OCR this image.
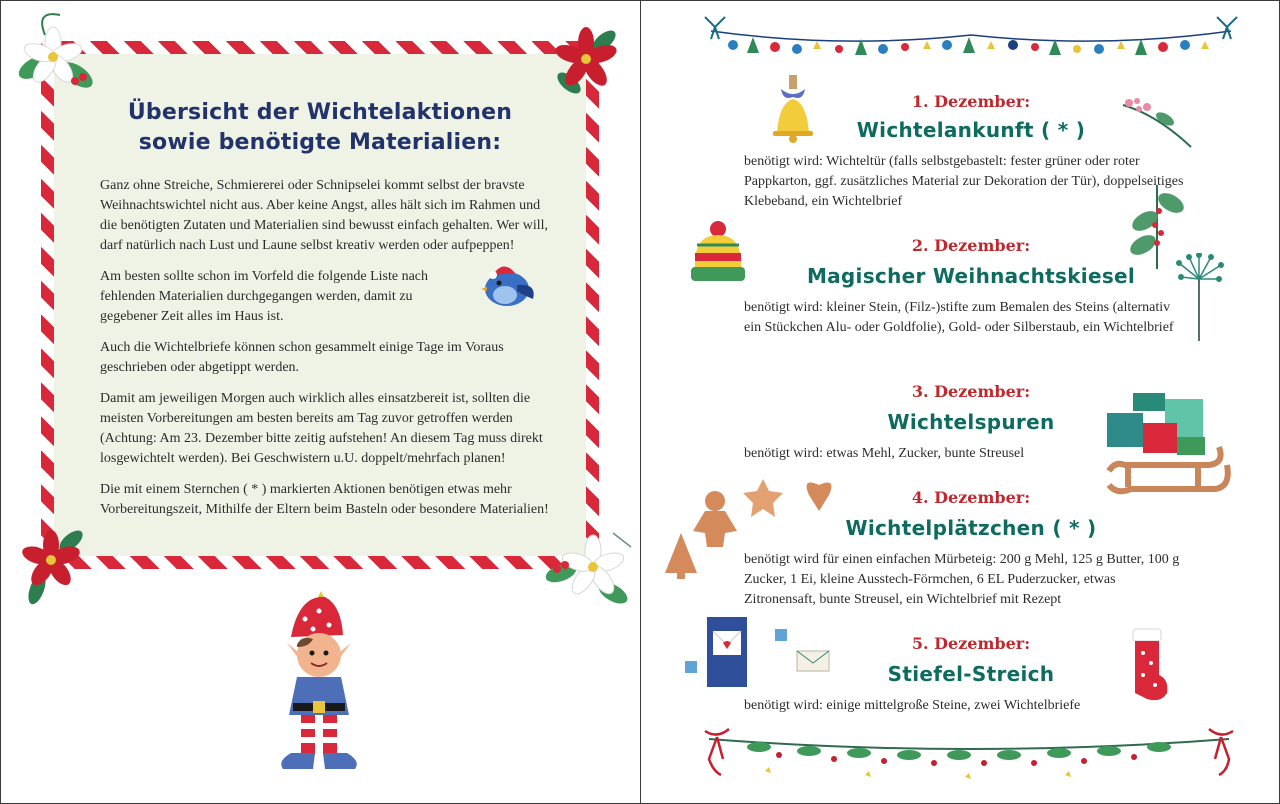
Übersicht der Wichtelaktionen
sowie benötigte Materialien:

Ganz ohne Streiche, Schmiererei oder Schnipselei kommt selbst der bravste Weihnachtswichtel nicht aus. Aber keine Angst, alles hält sich im Rahmen und die benötigten Zutaten und Materialien sind bewusst einfach gehalten. Wer will, darf natürlich nach Lust und Laune selbst kreativ werden oder aufpeppen!

Am besten sollte schon im Vorfeld die folgende Liste nach fehlenden Materialien durchgegangen werden, damit zu gegebener Zeit alles im Haus ist.

Auch die Wichtelbriefe können schon gesammelt einige Tage im Voraus geschrieben oder abgetippt werden.

Damit am jeweiligen Morgen auch wirklich alles einsatzbereit ist, sollten die meisten Vorbereitungen am besten bereits am Tag zuvor getroffen werden (Achtung: Am 23. Dezember bitte zeitig aufstehen! An diesem Tag muss direkt losgewichtelt werden). Bei Geschwistern u.U. doppelt/mehrfach planen!

Die mit einem Sternchen ( * ) markierten Aktionen benötigen etwas mehr Vorbereitungszeit, Mithilfe der Eltern beim Basteln oder besondere Materialien!

1. Dezember:
Wichtelankunft ( * )
benötigt wird: Wichteltür (falls selbstgebastelt: fester grüner oder roter Pappkarton, ggf. zusätzliches Material zur Dekoration der Tür), doppelseitiges Klebeband, ein Wichtelbrief
2. Dezember:
Magischer Weihnachtskiesel
benötigt wird: kleiner Stein, (Filz-)stifte zum Bemalen des Steins (alternativ ein Stückchen Alu- oder Goldfolie), Gold- oder Silberstaub, ein Wichtelbrief
3. Dezember:
Wichtelspuren
benötigt wird: etwas Mehl, Zucker, bunte Streusel
4. Dezember:
Wichtelplätzchen ( * )
benötigt wird für einen einfachen Mürbeteig: 200 g Mehl, 125 g Butter, 100 g Zucker, 1 Ei, kleine Ausstech-Förmchen, 6 EL Puderzucker, etwas Zitronensaft, bunte Streusel, ein Wichtelbrief mit Rezept
5. Dezember:
Stiefel-Streich
benötigt wird: einige mittelgroße Steine, zwei Wichtelbriefe
